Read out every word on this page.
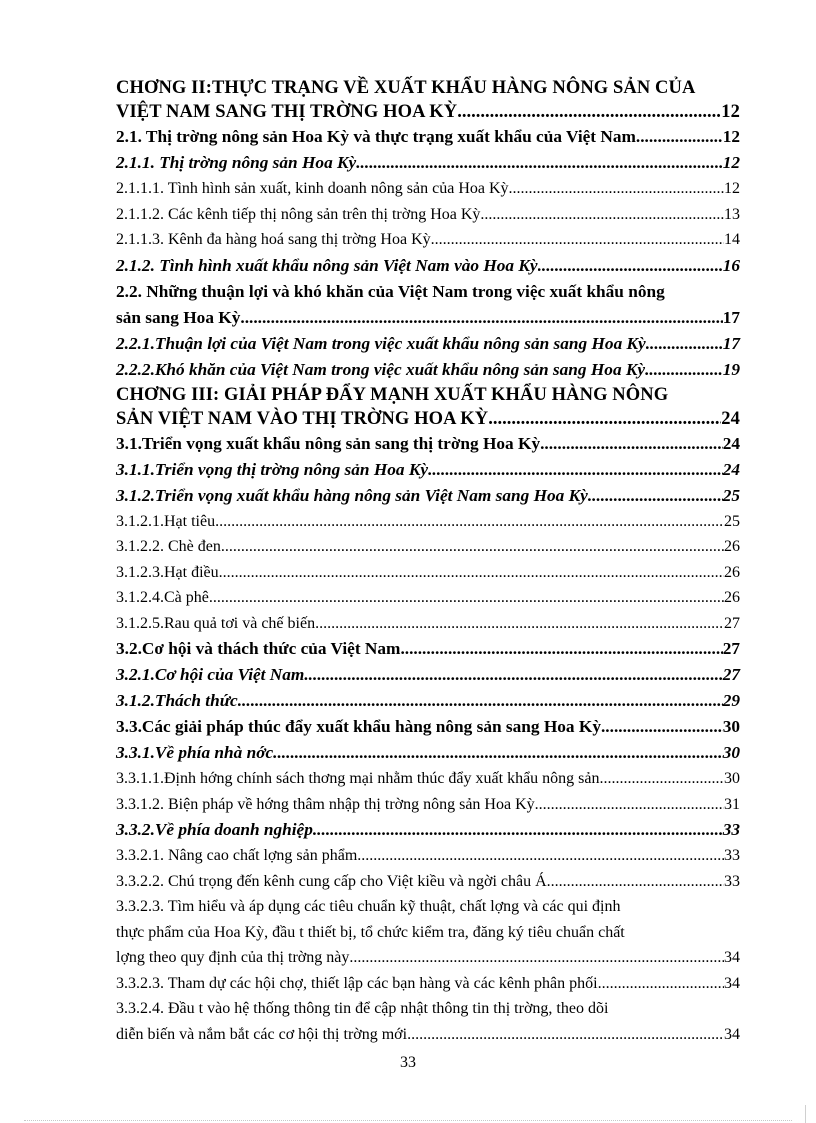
CHƠNG II:THỰC TRẠNG VỀ XUẤT KHẨU HÀNG NÔNG SẢN CỦA
VIỆT NAM SANG THỊ TRỜNG HOA KỲ .....	12
2.1. Thị trờng nông sản Hoa Kỳ và thực trạng xuất khẩu của Việt Nam .....	12
2.1.1. Thị trờng nông sản Hoa Kỳ .....	12
2.1.1.1. Tình hình sản xuất, kinh doanh nông sản của Hoa Kỳ .....	12
2.1.1.2. Các kênh tiếp thị nông sản trên thị trờng Hoa Kỳ .....	13
2.1.1.3. Kênh đa hàng hoá sang thị trờng Hoa Kỳ .....	14
2.1.2. Tình hình xuất khẩu nông sản Việt Nam vào Hoa Kỳ .....	16
2.2. Những thuận lợi và khó khăn của Việt Nam trong việc xuất khẩu nông
sản sang Hoa Kỳ .....	17
2.2.1.Thuận lợi của Việt Nam trong việc xuất khẩu nông sản sang Hoa Kỳ .....	17
2.2.2.Khó khăn của Việt Nam trong việc xuất khẩu nông sản sang Hoa Kỳ .....	19
CHƠNG III: GIẢI PHÁP ĐẨY MẠNH XUẤT KHẨU HÀNG NÔNG
SẢN VIỆT NAM VÀO THỊ TRỜNG HOA KỲ .....	24
3.1.Triển vọng xuất khẩu nông sản sang thị trờng Hoa Kỳ .....	24
3.1.1.Triển vọng thị trờng nông sản Hoa Kỳ .....	24
3.1.2.Triển vọng xuất khẩu hàng nông sản Việt Nam sang Hoa Kỳ .....	25
3.1.2.1.Hạt tiêu .....	25
3.1.2.2. Chè đen .....	26
3.1.2.3.Hạt điều .....	26
3.1.2.4.Cà phê .....	26
3.1.2.5.Rau quả tơi và chế biến .....	27
3.2.Cơ hội và thách thức của Việt Nam .....	27
3.2.1.Cơ hội của Việt Nam .....	27
3.1.2.Thách thức .....	29
3.3.Các giải pháp thúc đẩy xuất khẩu hàng nông sản sang Hoa Kỳ .....	30
3.3.1.Về phía nhà nớc .....	30
3.3.1.1.Định hớng chính sách thơng mại nhằm thúc đẩy xuất khẩu nông sản .....	30
3.3.1.2. Biện pháp về hớng thâm nhập thị trờng nông sản Hoa Kỳ .....	31
3.3.2.Về phía doanh nghiệp .....	33
3.3.2.1. Nâng cao chất lợng sản phẩm .....	33
3.3.2.2. Chú trọng đến kênh cung cấp cho Việt kiều và ngời châu Á .....	33
3.3.2.3. Tìm hiểu và áp dụng các tiêu chuẩn kỹ thuật, chất lợng và các qui định
thực phẩm của Hoa Kỳ, đầu t thiết bị, tổ chức kiểm tra, đăng ký tiêu chuẩn chất
lợng theo quy định của thị trờng này .....	34
3.3.2.3. Tham dự các hội chợ, thiết lập các bạn hàng và các kênh phân phối. .....	34
3.3.2.4. Đầu t vào hệ thống thông tin để cập nhật thông tin thị trờng, theo dõi
diễn biến và nắm bắt các cơ hội thị trờng mới .....	34
33
